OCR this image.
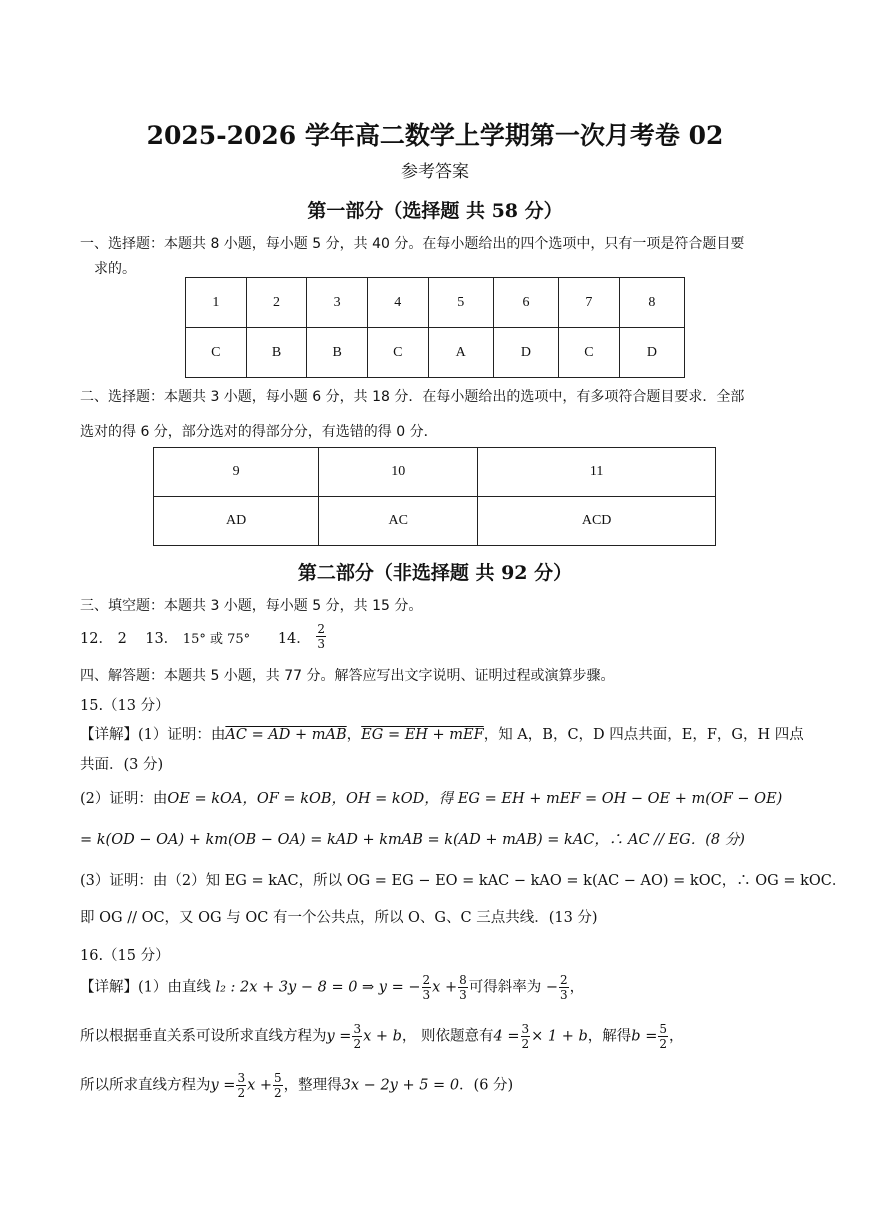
2025-2026 学年高二数学上学期第一次月考卷 02
参考答案
第一部分（选择题 共 58 分）
一、选择题：本题共 8 小题，每小题 5 分，共 40 分。在每小题给出的四个选项中，只有一项是符合题目要
求的。
1	2	3	4	5	6	7	8
C	B	B	C	A	D	C	D
二、选择题：本题共 3 小题，每小题 6 分，共 18 分．在每小题给出的选项中，有多项符合题目要求．全部
选对的得 6 分，部分选对的得部分分，有选错的得 0 分．
9	10	11
AD	AC	ACD
第二部分（非选择题 共 92 分）
三、填空题：本题共 3 小题，每小题 5 分，共 15 分。
12． 2 13． 15° 或 75° 14． $\frac{2}{3}$
四、解答题：本题共 5 小题，共 77 分。解答应写出文字说明、证明过程或演算步骤。
15.（13 分）
【详解】(1）证明：由AC = AD + mAB，EG = EH + mEF，知 A，B，C，D 四点共面，E，F，G，H 四点
共面．(3 分)
(2）证明：由OE = kOA，OF = kOB，OH = kOD，得 EG = EH + mEF = OH − OE + m(OF − OE)
= k(OD − OA) + km(OB − OA) = kAD + kmAB = k(AD + mAB) = kAC，∴ AC // EG．(8 分)
(3）证明：由（2）知 EG = kAC，所以 OG = EG − EO = kAC − kAO = k(AC − AO) = kOC，∴ OG = kOC．
即 OG // OC，又 OG 与 OC 有一个公共点，所以 O、G、C 三点共线．(13 分)
16.（15 分）
【详解】(1）由直线 l₂ : 2x + 3y − 8 = 0 ⇒ y = − $\frac{2}{3}$ $x + \frac{8}{3}$ 可得斜率为 − $\frac{2}{3}$ ，
所以根据垂直关系可设所求直线方程为$y = \frac{3}{2}$ x + b， 则依题意有$4 = \frac{3}{2} \times 1 + b$，解得$b = \frac{5}{2}$ ，
所以所求直线方程为$y = \frac{3}{2}$ $x + \frac{5}{2}$ ，整理得3x − 2y + 5 = 0．(6 分)
